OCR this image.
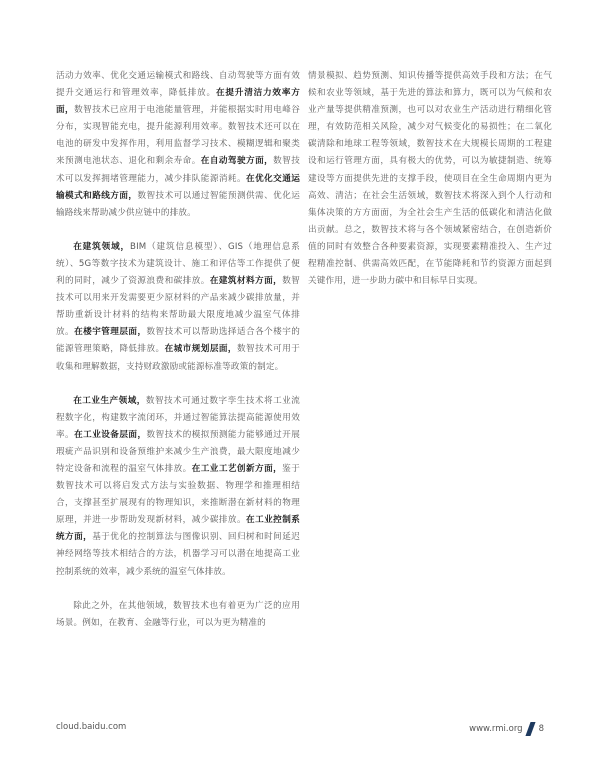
活动力效率、优化交通运输模式和路线、自动驾驶等方面有效提升交通运行和管理效率，降低排放。在提升清洁力效率方面，数智技术已应用于电池能量管理，并能根据实时用电峰谷分布，实现智能充电，提升能源利用效率。数智技术还可以在电池的研发中发挥作用，利用监督学习技术、模糊逻辑和聚类来预测电池状态、退化和剩余寿命。在自动驾驶方面，数智技术可以发挥拥堵管理能力，减少排队能源消耗。在优化交通运输模式和路线方面，数智技术可以通过智能预测供需、优化运输路线来帮助减少供应链中的排放。

在建筑领域，BIM（建筑信息模型）、GIS（地理信息系统）、5G等数字技术为建筑设计、施工和评估等工作提供了便利的同时，减少了资源浪费和碳排放。在建筑材料方面，数智技术可以用来开发需要更少原材料的产品来减少碳排放量，并帮助重新设计材料的结构来帮助最大限度地减少温室气体排放。在楼宇管理层面，数智技术可以帮助选择适合各个楼宇的能源管理策略，降低排放。在城市规划层面，数智技术可用于收集和理解数据，支持财政激励或能源标准等政策的制定。

在工业生产领域，数智技术可通过数字孪生技术将工业流程数字化，构建数字流闭环，并通过智能算法提高能源使用效率。在工业设备层面，数智技术的模拟预测能力能够通过开展瑕疵产品识别和设备预维护来减少生产浪费，最大限度地减少特定设备和流程的温室气体排放。在工业工艺创新方面，鉴于数智技术可以将启发式方法与实验数据、物理学和推理相结合，支撑甚至扩展现有的物理知识，来推断潜在新材料的物理原理，并进一步帮助发现新材料，减少碳排放。在工业控制系统方面，基于优化的控制算法与图像识别、回归树和时间延迟神经网络等技术相结合的方法，机器学习可以潜在地提高工业控制系统的效率，减少系统的温室气体排放。

除此之外，在其他领域，数智技术也有着更为广泛的应用场景。例如，在教育、金融等行业，可以为更为精准的

情景模拟、趋势预测、知识传播等提供高效手段和方法；在气候和农业等领域，基于先进的算法和算力，既可以为气候和农业产量等提供精准预测，也可以对农业生产活动进行精细化管理，有效防范相关风险，减少对气候变化的易损性；在二氧化碳清除和地球工程等领域，数智技术在大规模长周期的工程建设和运行管理方面，具有极大的优势，可以为敏捷制造、统筹建设等方面提供先进的支撑手段，使项目在全生命周期内更为高效、清洁；在社会生活领域，数智技术将深入到个人行动和集体决策的方方面面，为全社会生产生活的低碳化和清洁化做出贡献。总之，数智技术将与各个领域紧密结合，在创造新价值的同时有效整合各种要素资源，实现要素精准投入、生产过程精准控制、供需高效匹配，在节能降耗和节约资源方面起到关键作用，进一步助力碳中和目标早日实现。

cloud.baidu.com	www.rmi.org 8
